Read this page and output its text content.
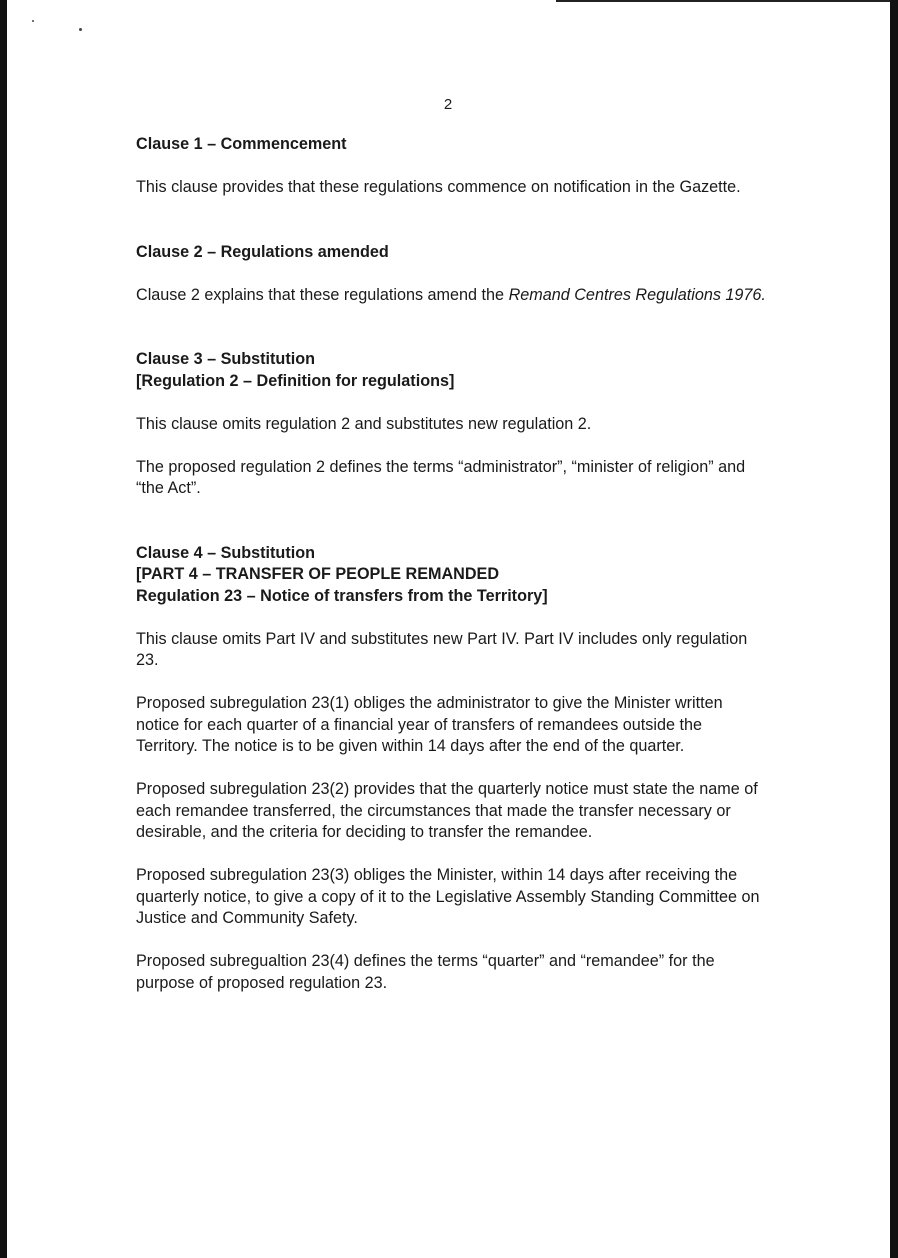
2

Clause 1 – Commencement

This clause provides that these regulations commence on notification in the Gazette.

Clause 2 – Regulations amended

Clause 2 explains that these regulations amend the Remand Centres Regulations 1976.

Clause 3 – Substitution

[Regulation 2 – Definition for regulations]

This clause omits regulation 2 and substitutes new regulation 2.

The proposed regulation 2 defines the terms “administrator”, “minister of religion” and “the Act”.

Clause 4 – Substitution

[PART 4 – TRANSFER OF PEOPLE REMANDED

Regulation 23 – Notice of transfers from the Territory]

This clause omits Part IV and substitutes new Part IV. Part IV includes only regulation 23.

Proposed subregulation 23(1) obliges the administrator to give the Minister written notice for each quarter of a financial year of transfers of remandees outside the Territory. The notice is to be given within 14 days after the end of the quarter.

Proposed subregulation 23(2) provides that the quarterly notice must state the name of each remandee transferred, the circumstances that made the transfer necessary or desirable, and the criteria for deciding to transfer the remandee.

Proposed subregulation 23(3) obliges the Minister, within 14 days after receiving the quarterly notice, to give a copy of it to the Legislative Assembly Standing Committee on Justice and Community Safety.

Proposed subregualtion 23(4) defines the terms “quarter” and “remandee” for the purpose of proposed regulation 23.
